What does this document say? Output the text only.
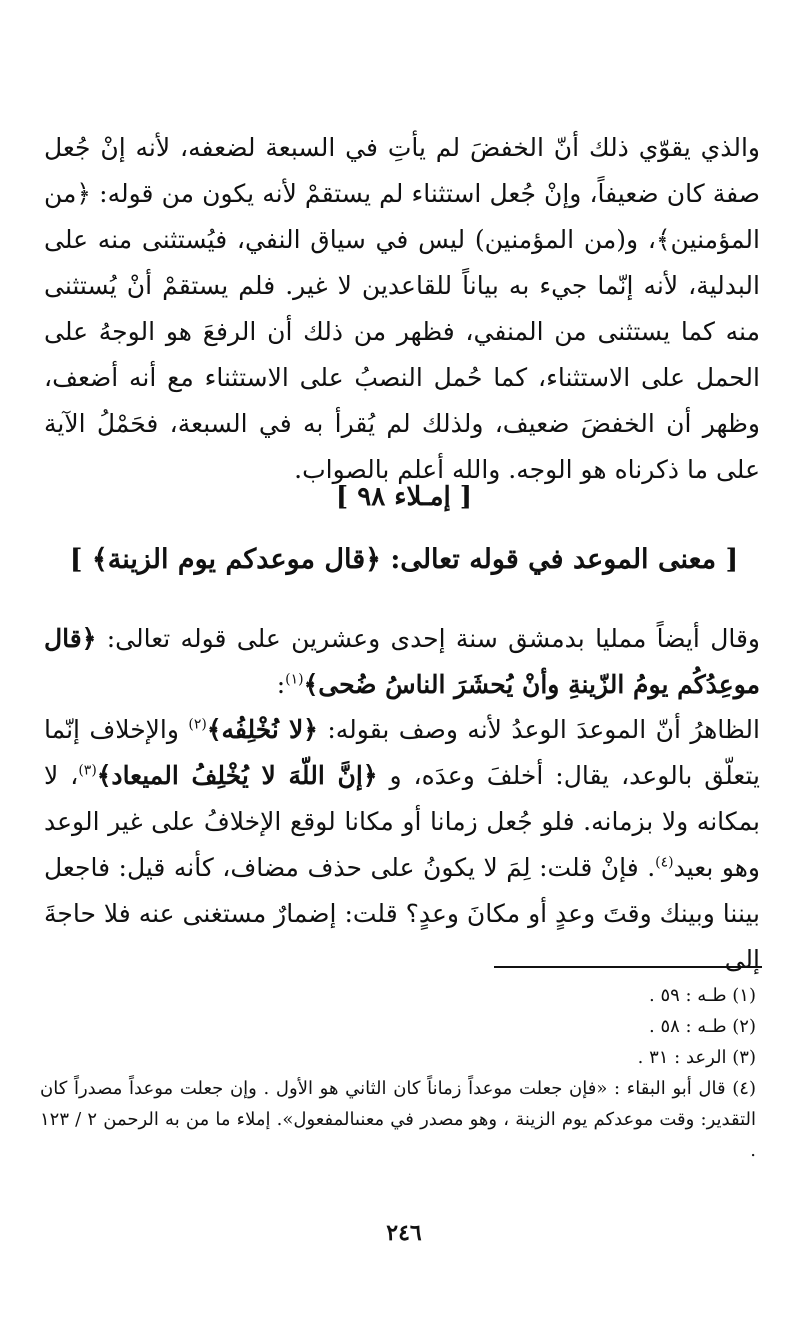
والذي يقوّي ذلك أنّ الخفضَ لم يأتِ في السبعة لضعفه، لأنه إنْ جُعل صفة كان ضعيفاً، وإنْ جُعل استثناء لم يستقمْ لأنه يكون من قوله: ﴿من المؤمنين﴾، و(من المؤمنين) ليس في سياق النفي، فيُستثنى منه على البدلية، لأنه إنّما جيء به بياناً للقاعدين لا غير. فلم يستقمْ أنْ يُستثنى منه كما يستثنى من المنفي، فظهر من ذلك أن الرفعَ هو الوجهُ على الحمل على الاستثناء، كما حُمل النصبُ على الاستثناء مع أنه أضعف، وظهر أن الخفضَ ضعيف، ولذلك لم يُقرأ به في السبعة، فحَمْلُ الآية على ما ذكرناه هو الوجه. والله أعلم بالصواب.

[ إمـلاء ٩٨ ]
[ معنى الموعد في قوله تعالى: ﴿قال موعدكم يوم الزينة﴾ ]

وقال أيضاً ممليا بدمشق سنة إحدى وعشرين على قوله تعالى: ﴿قال موعِدُكُم يومُ الزّينةِ وأنْ يُحشَرَ الناسُ ضُحى﴾$^{(١)}$:

الظاهرُ أنّ الموعدَ الوعدُ لأنه وصف بقوله: ﴿لا نُخْلِفُه﴾$^{(٢)}$ والإخلاف إنّما يتعلّق بالوعد، يقال: أخلفَ وعدَه، و ﴿إنَّ اللّهَ لا يُخْلِفُ الميعاد﴾$^{(٣)}$، لا بمكانه ولا بزمانه. فلو جُعل زمانا أو مكانا لوقع الإخلافُ على غير الوعد وهو بعيد$^{(٤)}$. فإنْ قلت: لِمَ لا يكونُ على حذف مضاف، كأنه قيل: فاجعل بيننا وبينك وقتَ وعدٍ أو مكانَ وعدٍ؟ قلت: إضمارٌ مستغنى عنه فلا حاجةَ إلى

(١) طـه : ٥٩ .

(٢) طـه : ٥٨ .

(٣) الرعد : ٣١ .

(٤) قال أبو البقاء : «فإن جعلت موعداً زماناً كان الثاني هو الأول . وإن جعلت موعداً مصدراً كان التقدير: وقت موعدكم يوم الزينة ، وهو مصدر في معنىالمفعول». إملاء ما من به الرحمن ٢ / ١٢٣ .

٢٤٦
